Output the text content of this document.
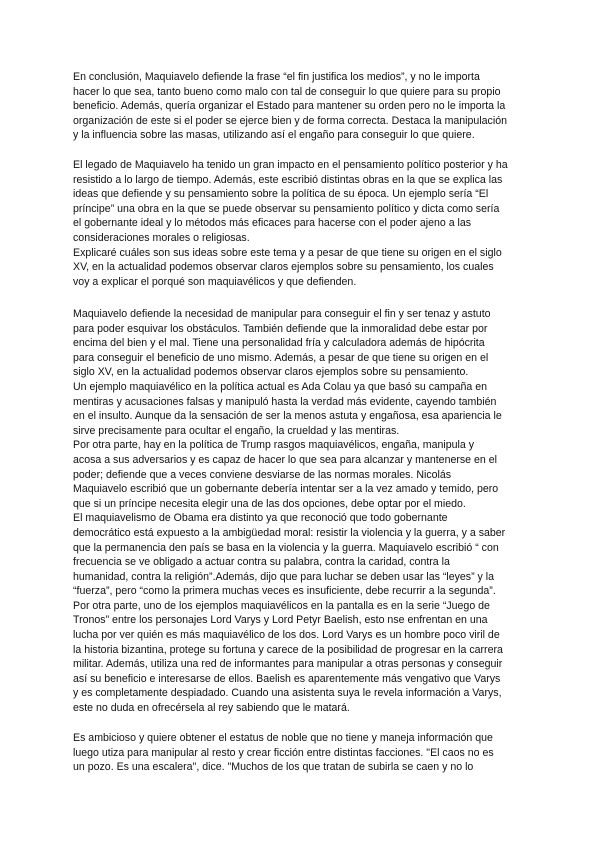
En conclusión, Maquiavelo defiende la frase “el fin justifica los medios”, y no le importa
hacer lo que sea, tanto bueno como malo con tal de conseguir lo que quiere para su propio
beneficio. Además, quería organizar el Estado para mantener su orden pero no le importa la
organización de este si el poder se ejerce bien y de forma correcta. Destaca la manipulación
y la influencia sobre las masas, utilizando así el engaño para conseguir lo que quiere.
El legado de Maquiavelo ha tenido un gran impacto en el pensamiento político posterior y ha
resistido a lo largo de tiempo. Además, este escribió distintas obras en la que se explica las
ideas que defiende y su pensamiento sobre la política de su época. Un ejemplo sería “El
príncipe” una obra en la que se puede observar su pensamiento político y dicta como sería
el gobernante ideal y lo métodos más eficaces para hacerse con el poder ajeno a las
consideraciones morales o religiosas.
Explicaré cuáles son sus ideas sobre este tema y a pesar de que tiene su origen en el siglo
XV, en la actualidad podemos observar claros ejemplos sobre su pensamiento, los cuales
voy a explicar el porqué son maquiavélicos y que defienden.
Maquiavelo defiende la necesidad de manipular para conseguir el fin y ser tenaz y astuto
para poder esquivar los obstáculos. También defiende que la inmoralidad debe estar por
encima del bien y el mal. Tiene una personalidad fría y calculadora además de hipócrita
para conseguir el beneficio de uno mismo. Además, a pesar de que tiene su origen en el
siglo XV, en la actualidad podemos observar claros ejemplos sobre su pensamiento.
Un ejemplo maquiavélico en la política actual es Ada Colau ya que basó su campaña en
mentiras y acusaciones falsas y manipuló hasta la verdad más evidente, cayendo también
en el insulto. Aunque da la sensación de ser la menos astuta y engañosa, esa apariencia le
sirve precisamente para ocultar el engaño, la crueldad y las mentiras.
Por otra parte, hay en la política de Trump rasgos maquiavélicos, engaña, manipula y
acosa a sus adversarios y es capaz de hacer lo que sea para alcanzar y mantenerse en el
poder; defiende que a veces conviene desviarse de las normas morales. Nicolás
Maquiavelo escribió que un gobernante debería intentar ser a la vez amado y temido, pero
que si un príncipe necesita elegir una de las dos opciones, debe optar por el miedo.
El maquiavelismo de Obama era distinto ya que reconoció que todo gobernante
democrático está expuesto a la ambigüedad moral: resistir la violencia y la guerra, y a saber
que la permanencia den país se basa en la violencia y la guerra. Maquiavelo escribió “ con
frecuencia se ve obligado a actuar contra su palabra, contra la caridad, contra la
humanidad, contra la religión”.Además, dijo que para luchar se deben usar las “leyes” y la
“fuerza”, pero “como la primera muchas veces es insuficiente, debe recurrir a la segunda”.
Por otra parte, uno de los ejemplos maquiavélicos en la pantalla es en la serie “Juego de
Tronos” entre los personajes Lord Varys y Lord Petyr Baelish, esto nse enfrentan en una
lucha por ver quién es más maquiavélico de los dos. Lord Varys es un hombre poco viril de
la historia bizantina, protege su fortuna y carece de la posibilidad de progresar en la carrera
militar. Además, utiliza una red de informantes para manipular a otras personas y conseguir
así su beneficio e interesarse de ellos. Baelish es aparentemente más vengativo que Varys
y es completamente despiadado. Cuando una asistenta suya le revela información a Varys,
este no duda en ofrecérsela al rey sabiendo que le matará.
Es ambicioso y quiere obtener el estatus de noble que no tiene y maneja información que
luego utiza para manipular al resto y crear ficción entre distintas facciones. "El caos no es
un pozo. Es una escalera", dice. "Muchos de los que tratan de subirla se caen y no lo
